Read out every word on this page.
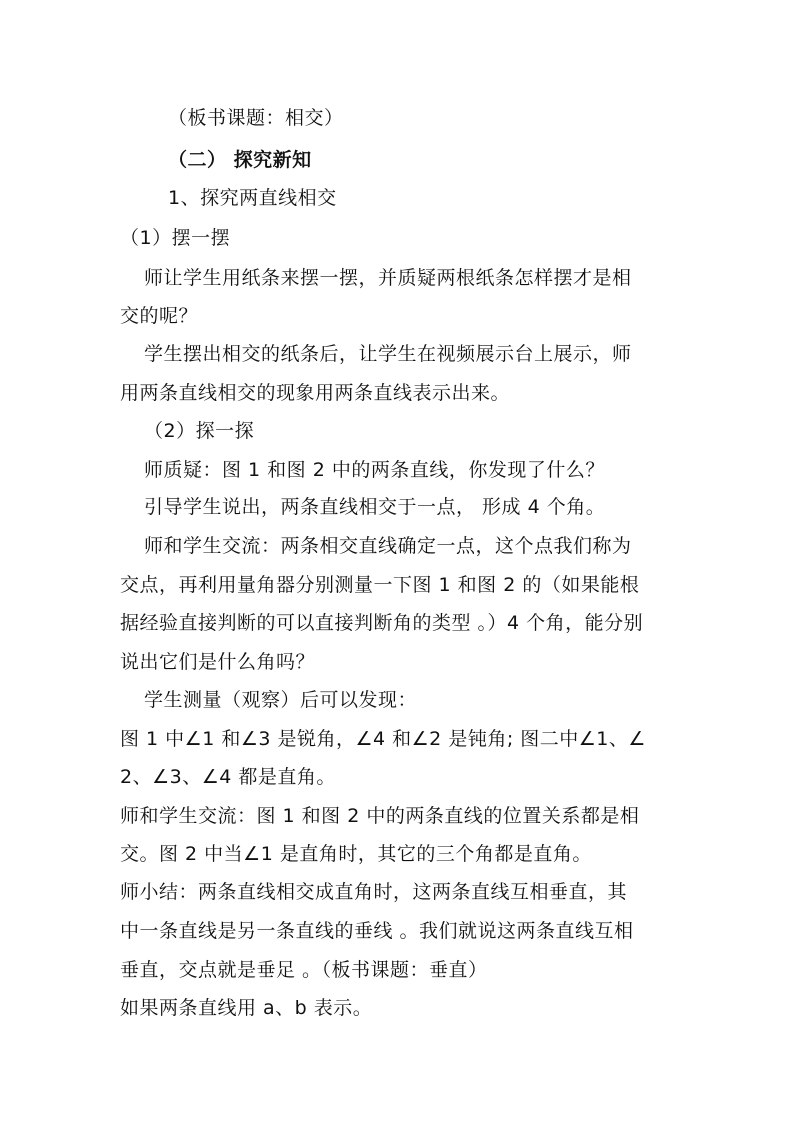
（板书课题：相交）
（二） 探究新知
1、探究两直线相交
（1）摆一摆
师让学生用纸条来摆一摆，并质疑两根纸条怎样摆才是相
交的呢？
学生摆出相交的纸条后，让学生在视频展示台上展示，师
用两条直线相交的现象用两条直线表示出来。
（2）探一探
师质疑：图 1 和图 2 中的两条直线，你发现了什么？
引导学生说出，两条直线相交于一点， 形成 4 个角。
师和学生交流：两条相交直线确定一点，这个点我们称为
交点，再利用量角器分别测量一下图 1 和图 2 的（如果能根
据经验直接判断的可以直接判断角的类型 。）4 个角，能分别
说出它们是什么角吗？
学生测量（观察）后可以发现：
图 1 中∠1 和∠3 是锐角，∠4 和∠2 是钝角; 图二中∠1、∠
2、∠3、∠4 都是直角。
师和学生交流：图 1 和图 2 中的两条直线的位置关系都是相
交。图 2 中当∠1 是直角时，其它的三个角都是直角。
师小结：两条直线相交成直角时，这两条直线互相垂直，其
中一条直线是另一条直线的垂线 。我们就说这两条直线互相
垂直，交点就是垂足 。（板书课题：垂直）
如果两条直线用 a、b 表示。
